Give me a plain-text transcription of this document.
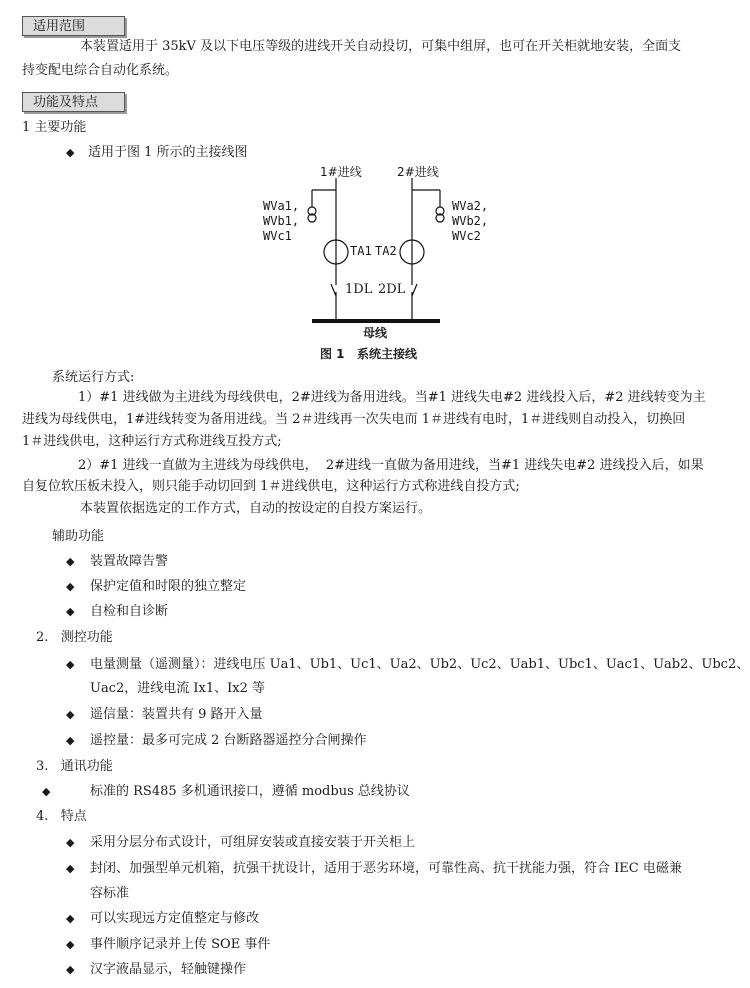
适用范围
本装置适用于 35kV 及以下电压等级的进线开关自动投切，可集中组屏，也可在开关柜就地安装，全面支
持变配电综合自动化系统。
功能及特点
1 主要功能
◆ 适用于图 1 所示的主接线图
1#进线	2#进线
WVa1,
WVb1,
WVc1
WVa2,
WVb2,
WVc2
TA1 TA2
1DL 2DL
母线
图 1   系统主接线
系统运行方式:
1）#1 进线做为主进线为母线供电，2#进线为备用进线。当#1 进线失电#2 进线投入后，#2 进线转变为主
进线为母线供电，1#进线转变为备用进线。当 2＃进线再一次失电而 1＃进线有电时，1＃进线则自动投入，切换回
1＃进线供电，这种运行方式称进线互投方式;
2）#1 进线一直做为主进线为母线供电，  2#进线一直做为备用进线，当#1 进线失电#2 进线投入后，如果
自复位软压板未投入，则只能手动切回到 1＃进线供电，这种运行方式称进线自投方式;
本装置依据选定的工作方式，自动的按设定的自投方案运行。
辅助功能
◆ 装置故障告警
◆ 保护定值和时限的独立整定
◆ 自检和自诊断
2.   测控功能
◆ 电量测量（遥测量）：进线电压 Ua1、Ub1、Uc1、Ua2、Ub2、Uc2、Uab1、Ubc1、Uac1、Uab2、Ubc2、
Uac2，进线电流 Ix1、Ix2 等
◆ 遥信量：装置共有 9 路开入量
◆ 遥控量：最多可完成 2 台断路器遥控分合闸操作
3.   通讯功能
◆	标准的 RS485 多机通讯接口，遵循 modbus 总线协议
4.   特点
◆ 采用分层分布式设计，可组屏安装或直接安装于开关柜上
◆ 封闭、加强型单元机箱，抗强干扰设计，适用于恶劣环境，可靠性高、抗干扰能力强，符合 IEC 电磁兼
容标准
◆ 可以实现远方定值整定与修改
◆ 事件顺序记录并上传 SOE 事件
◆ 汉字液晶显示，轻触键操作
